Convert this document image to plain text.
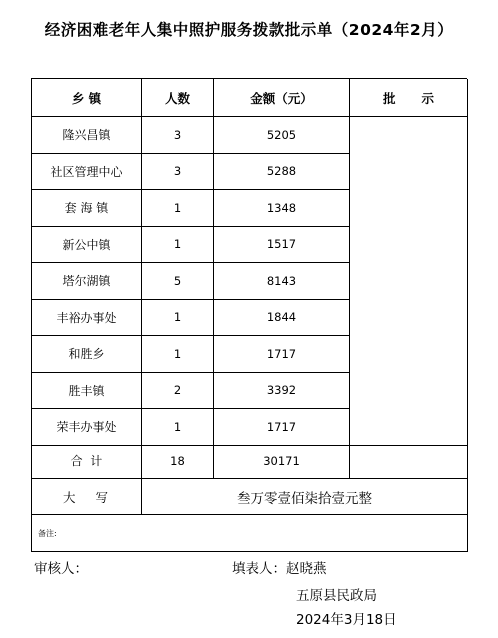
经济困难老年人集中照护服务拨款批示单（2024年2月）
乡 镇	人数	金额（元）	批      示
隆兴昌镇	3	5205
社区管理中心	3	5288
套 海 镇	1	1348
新公中镇	1	1517
塔尔湖镇	5	8143
丰裕办事处	1	1844
和胜乡	1	1717
胜丰镇	2	3392
荣丰办事处	1	1717
合  计	18	30171
大写	叁万零壹佰柒拾壹元整
备注:
审核人：	填表人：赵晓燕
五原县民政局
2024年3月18日
